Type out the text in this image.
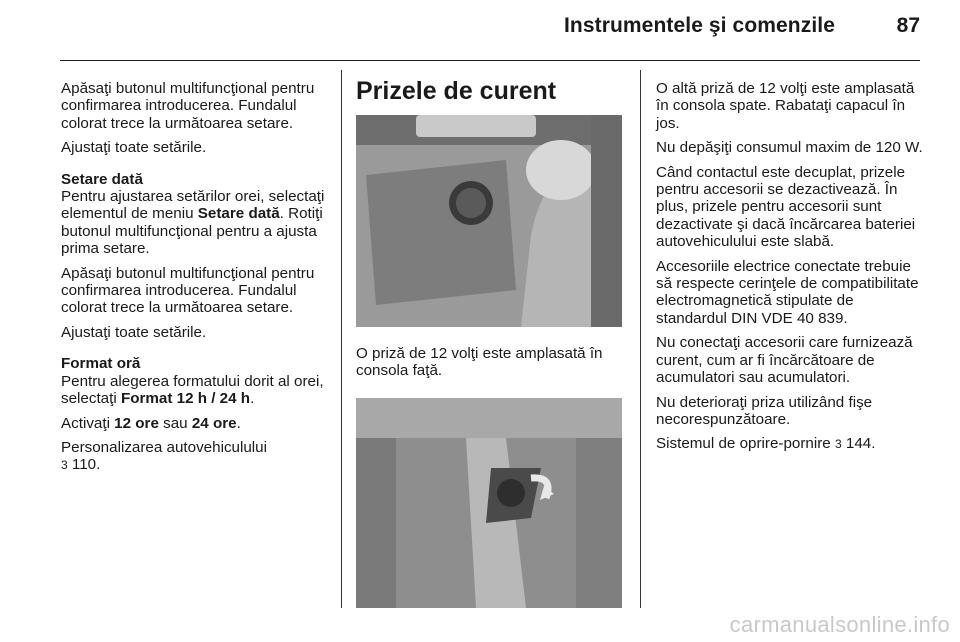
Instrumentele şi comenzile	87

Apăsaţi butonul multifuncţional pentru confirmarea introducerea. Fundalul colorat trece la următoarea setare.

Ajustaţi toate setările.

Setare dată

Pentru ajustarea setărilor orei, selectaţi elementul de meniu Setare dată. Rotiţi butonul multifuncţional pentru a ajusta prima setare.

Apăsaţi butonul multifuncţional pentru confirmarea introducerea. Fundalul colorat trece la următoarea setare.

Ajustaţi toate setările.

Format oră

Pentru alegerea formatului dorit al orei, selectaţi Format 12 h / 24 h.

Activaţi 12 ore sau 24 ore.

Personalizarea autovehiculului
3 110.

Prizele de curent

O priză de 12 volţi este amplasată în consola faţă.

O altă priză de 12 volţi este amplasată în consola spate. Rabataţi capacul în jos.

Nu depăşiţi consumul maxim de 120 W.

Când contactul este decuplat, prizele pentru accesorii se dezactivează. În plus, prizele pentru accesorii sunt dezactivate şi dacă încărcarea bateriei autovehiculului este slabă.

Accesoriile electrice conectate trebuie să respecte cerinţele de compatibilitate electromagnetică stipulate de standardul DIN VDE 40 839.

Nu conectaţi accesorii care furnizează curent, cum ar fi încărcătoare de acumulatori sau acumulatori.

Nu deterioraţi priza utilizând fişe necorespunzătoare.

Sistemul de oprire-pornire 3 144.

carmanualsonline.info
